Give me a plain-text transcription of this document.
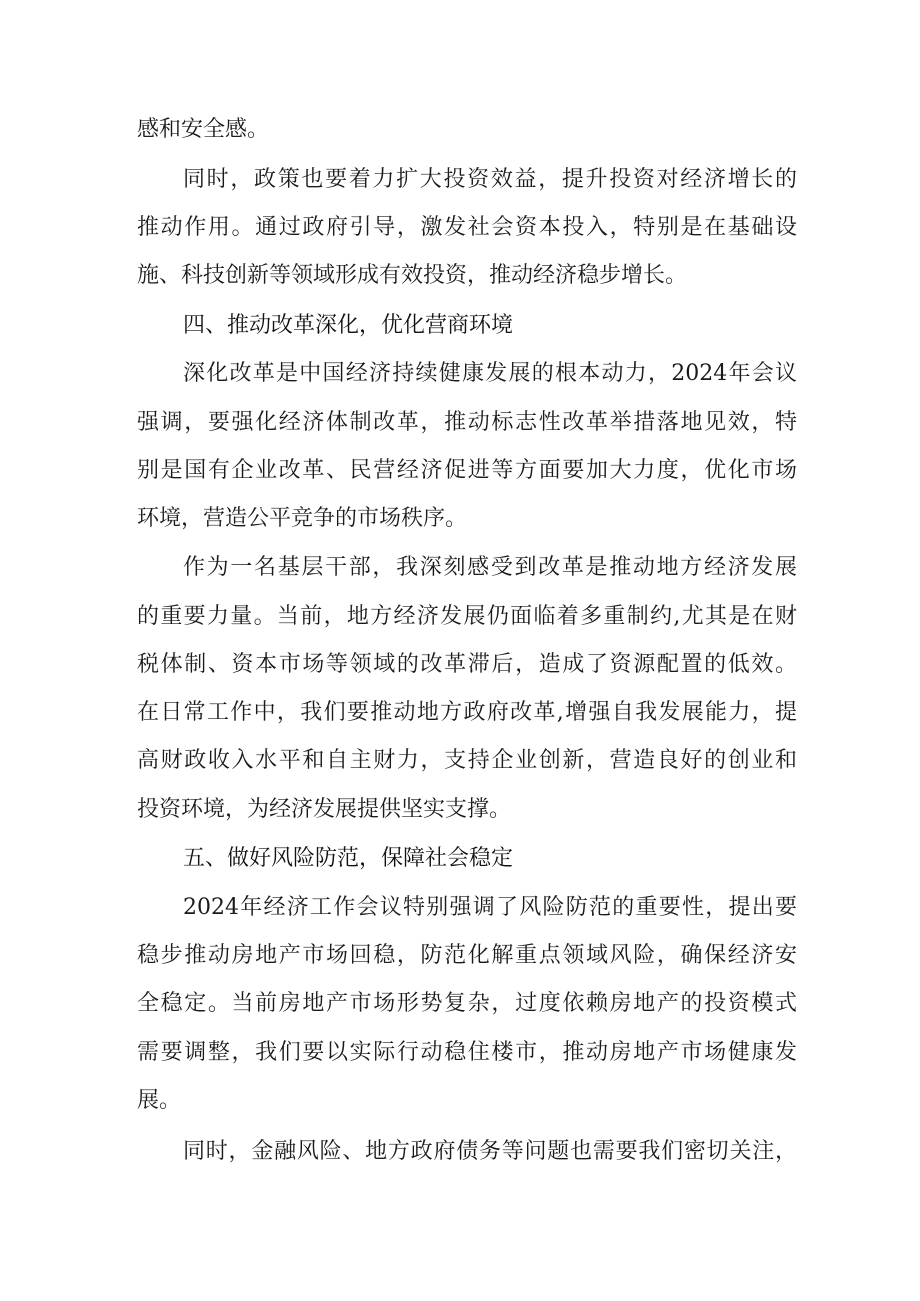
感和安全感。
同时，政策也要着力扩大投资效益，提升投资对经济增长的
推动作用。通过政府引导，激发社会资本投入，特别是在基础设
施、科技创新等领域形成有效投资，推动经济稳步增长。
四、推动改革深化，优化营商环境
深化改革是中国经济持续健康发展的根本动力，2024年会议
强调，要强化经济体制改革，推动标志性改革举措落地见效，特
别是国有企业改革、民营经济促进等方面要加大力度，优化市场
环境，营造公平竞争的市场秩序。
作为一名基层干部，我深刻感受到改革是推动地方经济发展
的重要力量。当前，地方经济发展仍面临着多重制约,尤其是在财
税体制、资本市场等领域的改革滞后，造成了资源配置的低效。
在日常工作中，我们要推动地方政府改革,增强自我发展能力，提
高财政收入水平和自主财力，支持企业创新，营造良好的创业和
投资环境，为经济发展提供坚实支撑。
五、做好风险防范，保障社会稳定
2024年经济工作会议特别强调了风险防范的重要性，提出要
稳步推动房地产市场回稳，防范化解重点领域风险，确保经济安
全稳定。当前房地产市场形势复杂，过度依赖房地产的投资模式
需要调整，我们要以实际行动稳住楼市，推动房地产市场健康发
展。
同时，金融风险、地方政府债务等问题也需要我们密切关注，
